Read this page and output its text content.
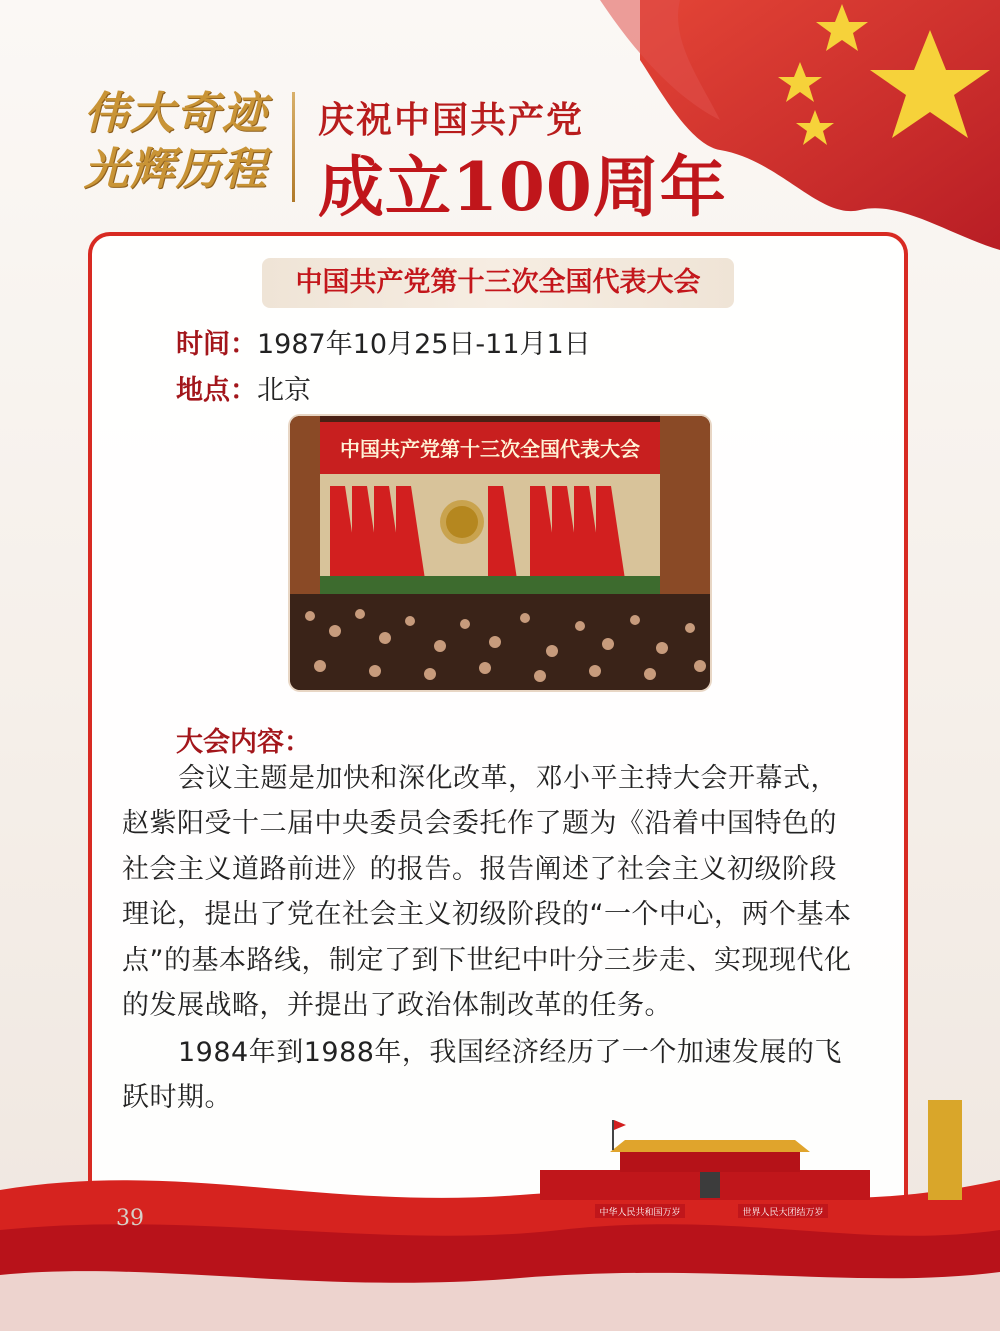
伟大奇迹
光辉历程
庆祝中国共产党
成立100周年
中国共产党第十三次全国代表大会
时间：1987年10月25日-11月1日
地点：北京
中国共产党第十三次全国代表大会
大会内容：

会议主题是加快和深化改革，邓小平主持大会开幕式，赵紫阳受十二届中央委员会委托作了题为《沿着中国特色的社会主义道路前进》的报告。报告阐述了社会主义初级阶段理论，提出了党在社会主义初级阶段的“一个中心，两个基本点”的基本路线，制定了到下世纪中叶分三步走、实现现代化的发展战略，并提出了政治体制改革的任务。

1984年到1988年，我国经济经历了一个加速发展的飞跃时期。

中华人民共和国万岁	世界人民大团结万岁
39
